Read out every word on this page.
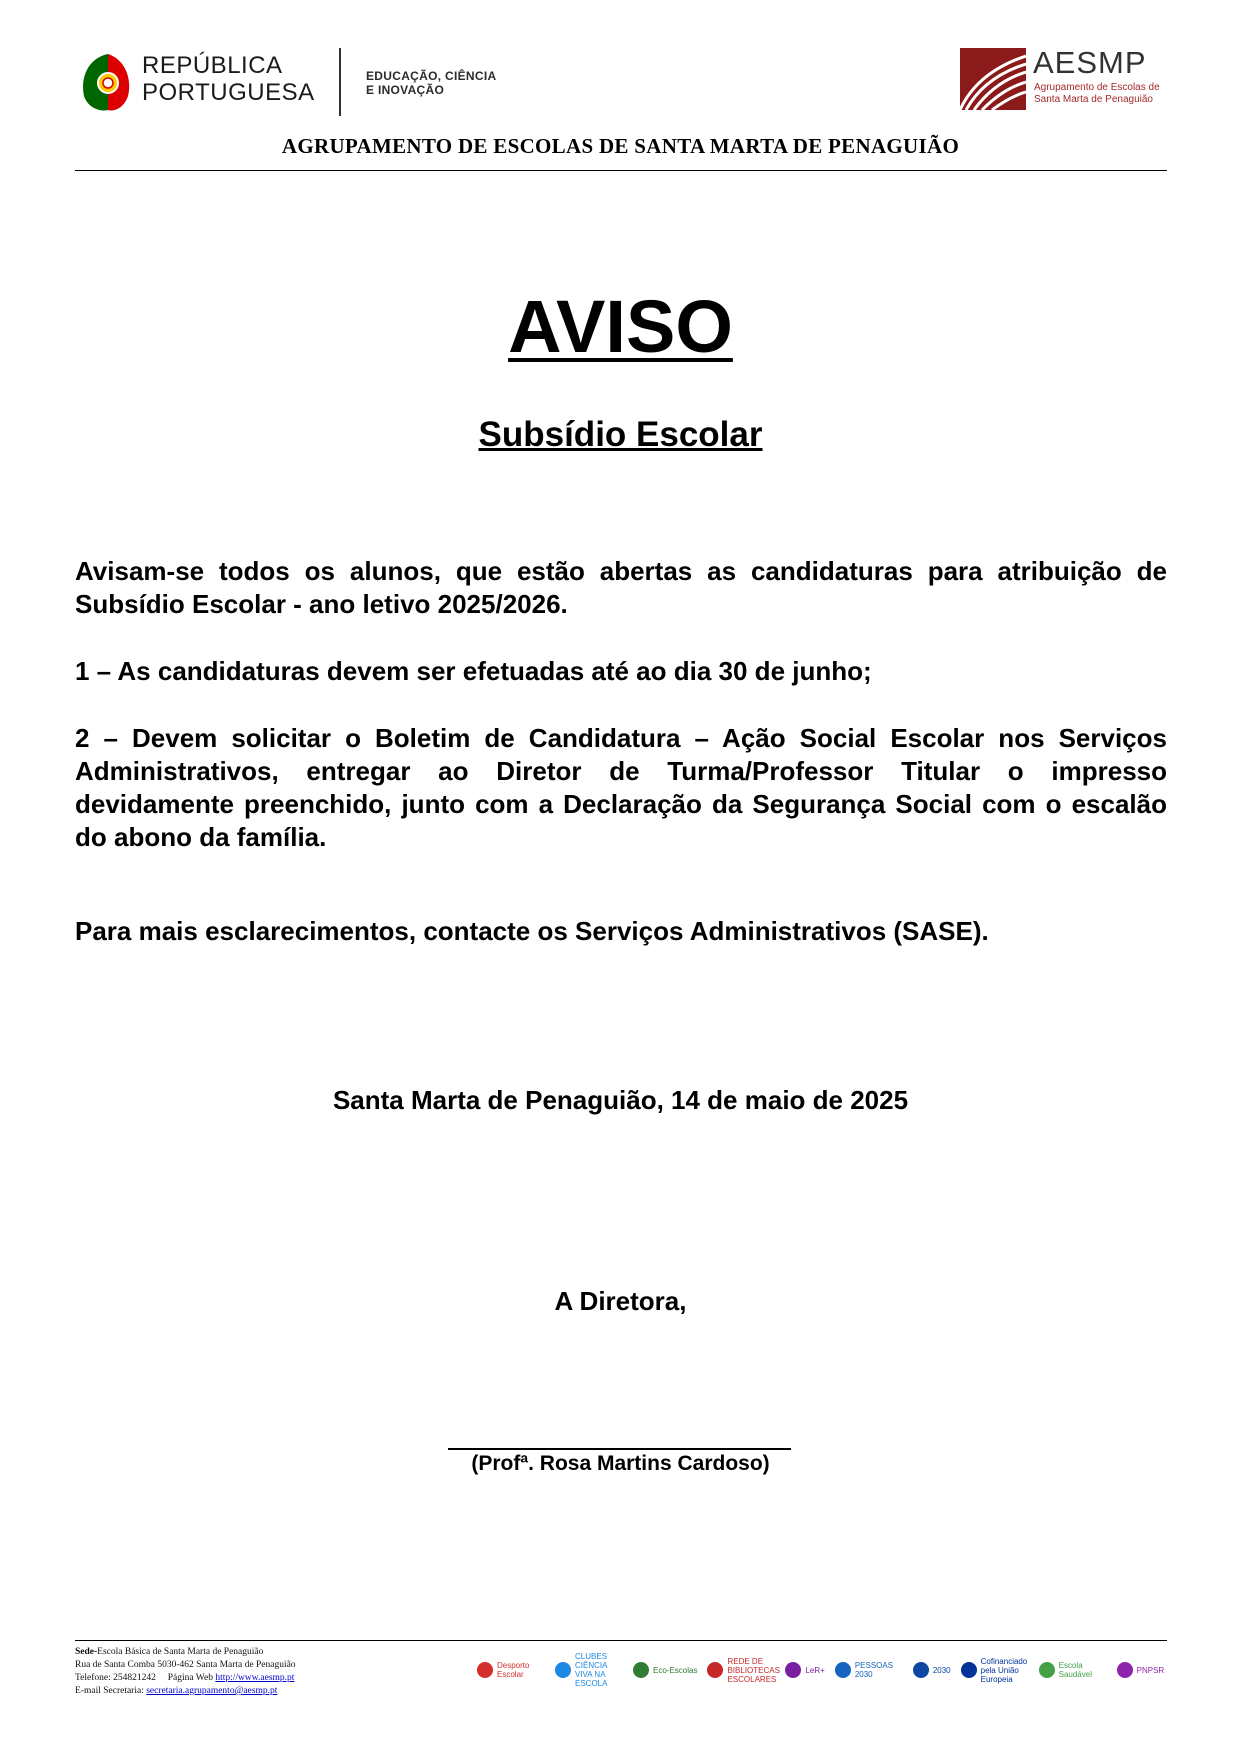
REPÚBLICA
PORTUGUESA
EDUCAÇÃO, CIÊNCIA
E INOVAÇÃO
AESMP
Agrupamento de Escolas de
Santa Marta de Penaguião
AGRUPAMENTO DE ESCOLAS DE SANTA MARTA DE PENAGUIÃO
AVISO
Subsídio Escolar
Avisam-se todos os alunos, que estão abertas as candidaturas para atribuição de Subsídio Escolar - ano letivo 2025/2026.
1 – As candidaturas devem ser efetuadas até ao dia 30 de junho;
2 – Devem solicitar o Boletim de Candidatura – Ação Social Escolar nos Serviços Administrativos, entregar ao Diretor de Turma/Professor Titular o impresso devidamente preenchido, junto com a Declaração da Segurança Social com o escalão do abono da família.
Para mais esclarecimentos, contacte os Serviços Administrativos (SASE).
Santa Marta de Penaguião, 14 de maio de 2025
A Diretora,
(Profª. Rosa Martins Cardoso)
Sede-Escola Básica de Santa Marta de Penaguião
Rua de Santa Comba 5030-462 Santa Marta de Penaguião
Telefone: 254821242 Página Web http://www.aesmp.pt
E-mail Secretaria: secretaria.agrupamento@aesmp.pt
Desporto Escolar
CLUBES CIÊNCIA VIVA NA ESCOLA
Eco-Escolas
REDE DE BIBLIOTECAS ESCOLARES
LeR+	PESSOAS 2030	2030
Cofinanciado pela União Europeia
Escola Saudável	PNPSR
